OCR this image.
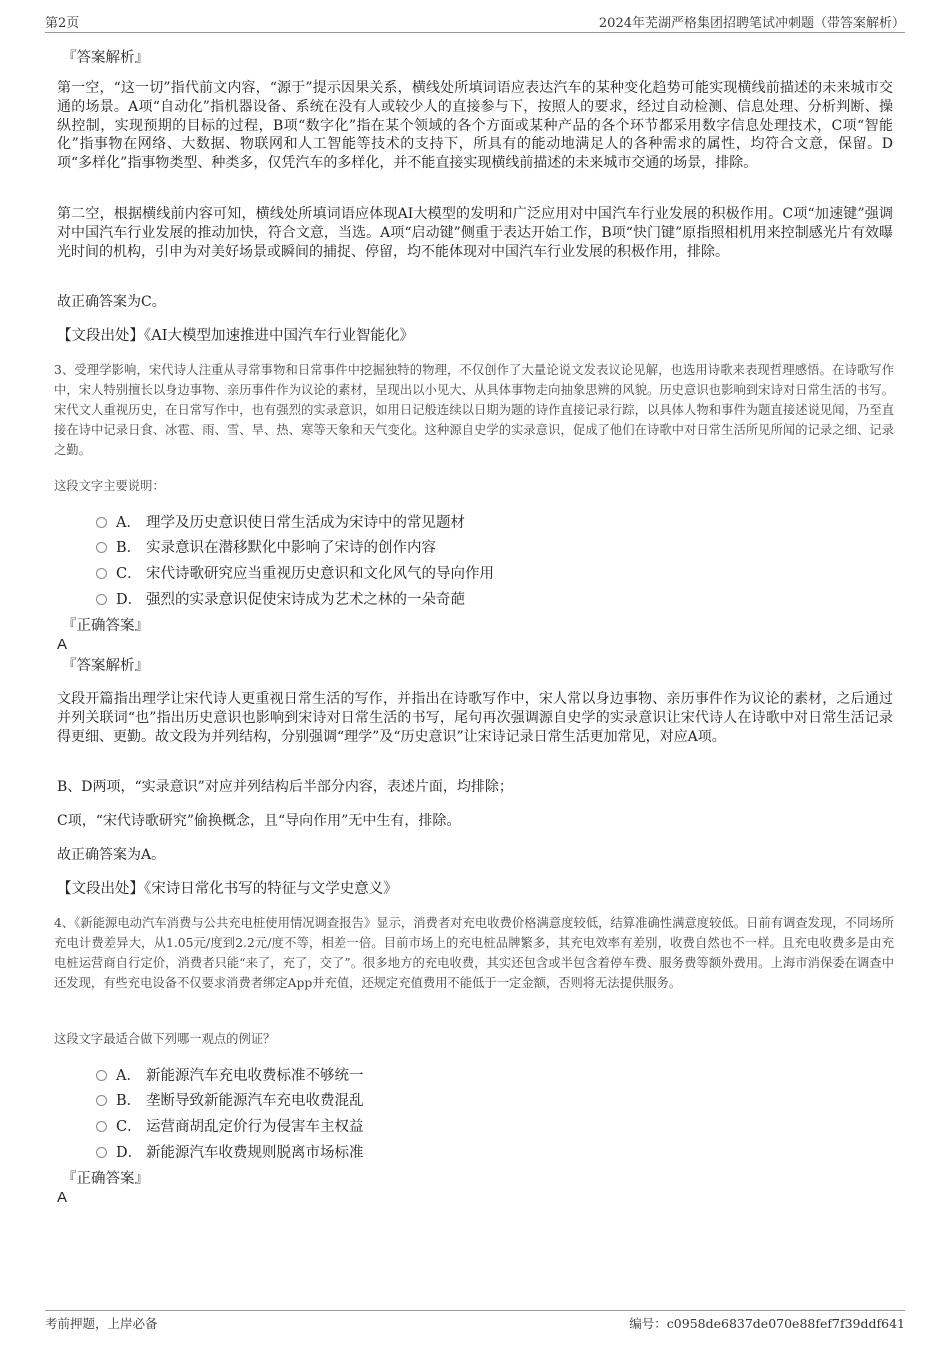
第2页	2024年芜湖严格集团招聘笔试冲刺题（带答案解析）
『答案解析』

第一空，“这一切”指代前文内容，“源于”提示因果关系，横线处所填词语应表达汽车的某种变化趋势可能实现横线前描述的未来城市交通的场景。A项“自动化”指机器设备、系统在没有人或较少人的直接参与下，按照人的要求，经过自动检测、信息处理、分析判断、操纵控制，实现预期的目标的过程，B项“数字化”指在某个领域的各个方面或某种产品的各个环节都采用数字信息处理技术，C项“智能化”指事物在网络、大数据、物联网和人工智能等技术的支持下，所具有的能动地满足人的各种需求的属性，均符合文意，保留。D项“多样化”指事物类型、种类多，仅凭汽车的多样化，并不能直接实现横线前描述的未来城市交通的场景，排除。

第二空，根据横线前内容可知，横线处所填词语应体现AI大模型的发明和广泛应用对中国汽车行业发展的积极作用。C项“加速键”强调对中国汽车行业发展的推动加快，符合文意，当选。A项“启动键”侧重于表达开始工作，B项“快门键”原指照相机用来控制感光片有效曝光时间的机构，引申为对美好场景或瞬间的捕捉、停留，均不能体现对中国汽车行业发展的积极作用，排除。

故正确答案为C。

【文段出处】《AI大模型加速推进中国汽车行业智能化》

3、受理学影响，宋代诗人注重从寻常事物和日常事件中挖掘独特的物理，不仅创作了大量论说文发表议论见解，也选用诗歌来表现哲理感悟。在诗歌写作中，宋人特别擅长以身边事物、亲历事件作为议论的素材，呈现出以小见大、从具体事物走向抽象思辨的风貌。历史意识也影响到宋诗对日常生活的书写。宋代文人重视历史，在日常写作中，也有强烈的实录意识，如用日记般连续以日期为题的诗作直接记录行踪，以具体人物和事件为题直接述说见闻，乃至直接在诗中记录日食、冰雹、雨、雪、旱、热、寒等天象和天气变化。这种源自史学的实录意识，促成了他们在诗歌中对日常生活所见所闻的记录之细、记录之勤。

这段文字主要说明：
A． 理学及历史意识使日常生活成为宋诗中的常见题材
B． 实录意识在潜移默化中影响了宋诗的创作内容
C． 宋代诗歌研究应当重视历史意识和文化风气的导向作用
D． 强烈的实录意识促使宋诗成为艺术之林的一朵奇葩
『正确答案』
A
『答案解析』

文段开篇指出理学让宋代诗人更重视日常生活的写作，并指出在诗歌写作中，宋人常以身边事物、亲历事件作为议论的素材，之后通过并列关联词“也”指出历史意识也影响到宋诗对日常生活的书写，尾句再次强调源自史学的实录意识让宋代诗人在诗歌中对日常生活记录得更细、更勤。故文段为并列结构，分别强调“理学”及“历史意识”让宋诗记录日常生活更加常见，对应A项。

B、D两项，“实录意识”对应并列结构后半部分内容，表述片面，均排除；

C项，“宋代诗歌研究”偷换概念，且“导向作用”无中生有，排除。

故正确答案为A。

【文段出处】《宋诗日常化书写的特征与文学史意义》

4、《新能源电动汽车消费与公共充电桩使用情况调查报告》显示，消费者对充电收费价格满意度较低，结算准确性满意度较低。日前有调查发现，不同场所充电计费差异大，从1.05元/度到2.2元/度不等，相差一倍。目前市场上的充电桩品牌繁多，其充电效率有差别，收费自然也不一样。且充电收费多是由充电桩运营商自行定价，消费者只能“来了，充了，交了”。很多地方的充电收费，其实还包含或半包含着停车费、服务费等额外费用。上海市消保委在调查中还发现，有些充电设备不仅要求消费者绑定App并充值，还规定充值费用不能低于一定金额，否则将无法提供服务。

这段文字最适合做下列哪一观点的例证？
A． 新能源汽车充电收费标准不够统一
B． 垄断导致新能源汽车充电收费混乱
C． 运营商胡乱定价行为侵害车主权益
D． 新能源汽车收费规则脱离市场标准
『正确答案』
A
考前押题，上岸必备	编号：c0958de6837de070e88fef7f39ddf641
